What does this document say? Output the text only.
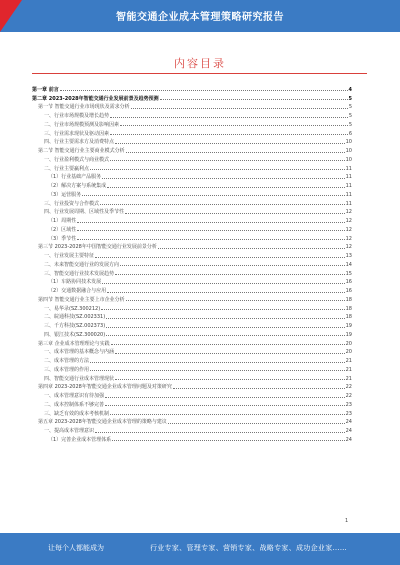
智能交通企业成本管理策略研究报告
内容目录
第一章 前言	4
第二章 2023-2028年智能交通行业发展前景及趋势预测	5
第一节 智能交通行业市场现状及需求分析	5
一、行业市场规模及增长趋势	5
二、行业市场规模预测及影响因素	5
三、行业需求现状及驱动因素	6
四、行业主要需求方及消费特点	10
第二节 智能交通行业主要商业模式分析	10
一、行业盈利模式与商业模式	10
二、行业主要赢利点	11
（1）行业基础产品服务	11
（2）解决方案与系统集成	11
（3）运营服务	11
三、行业投资与合作模式	11
四、行业发展周期、区域性及季节性	12
（1）周期性	12
（2）区域性	12
（3）季节性	12
第三节 2023-2028年中国智能交通行业发展前景分析	12
一、行业发展主要特征	13
二、未来智能交通行业的发展方向	14
三、智能交通行业技术发展趋势	15
（1）车路协同技术发展	16
（2）交通数据融合与应用	16
第四节 智能交通行业主要上市企业分析	18
一、易华录(SZ.300212)	18
二、皖通科技(SZ.002331)	18
三、千方科技(SZ.002373)	19
四、银江技术(SZ.300020)	19
第三章 企业成本管理理论与实践	20
一、成本管理的基本概念与内涵	20
二、成本管理的方法	21
三、成本管理的作用	21
四、智能交通行业成本管理现状	21
第四章 2023-2028年智能交通企业成本管理问题及对策研究	22
一、成本管理意识有待加强	22
二、成本控制体系不够完善	23
三、缺乏有效的成本考核机制	23
第五章 2023-2028年智能交通企业成本管理的策略与建议	24
一、提高成本管理意识	24
（1）完善企业成本管理体系	24
1
让每个人都能成为	行业专家、管理专家、营销专家、战略专家、成功企业家……
